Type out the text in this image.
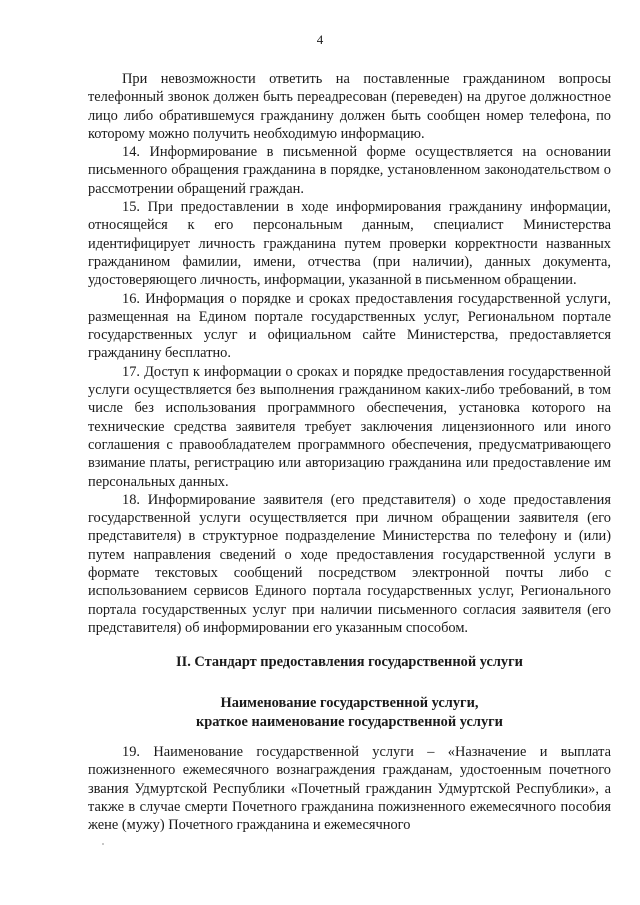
4

При невозможности ответить на поставленные гражданином вопросы телефонный звонок должен быть переадресован (переведен) на другое должностное лицо либо обратившемуся гражданину должен быть сообщен номер телефона, по которому можно получить необходимую информацию.

14. Информирование в письменной форме осуществляется на основании письменного обращения гражданина в порядке, установленном законодательством о рассмотрении обращений граждан.

15. При предоставлении в ходе информирования гражданину информации, относящейся к его персональным данным, специалист Министерства идентифицирует личность гражданина путем проверки корректности названных гражданином фамилии, имени, отчества (при наличии), данных документа, удостоверяющего личность, информации, указанной в письменном обращении.

16. Информация о порядке и сроках предоставления государственной услуги, размещенная на Едином портале государственных услуг, Региональном портале государственных услуг и официальном сайте Министерства, предоставляется гражданину бесплатно.

17. Доступ к информации о сроках и порядке предоставления государственной услуги осуществляется без выполнения гражданином каких-либо требований, в том числе без использования программного обеспечения, установка которого на технические средства заявителя требует заключения лицензионного или иного соглашения с правообладателем программного обеспечения, предусматривающего взимание платы, регистрацию или авторизацию гражданина или предоставление им персональных данных.

18. Информирование заявителя (его представителя) о ходе предоставления государственной услуги осуществляется при личном обращении заявителя (его представителя) в структурное подразделение Министерства по телефону и (или) путем направления сведений о ходе предоставления государственной услуги в формате текстовых сообщений посредством электронной почты либо с использованием сервисов Единого портала государственных услуг, Регионального портала государственных услуг при наличии письменного согласия заявителя (его представителя) об информировании его указанным способом.

II. Стандарт предоставления государственной услуги
Наименование государственной услуги,
краткое наименование государственной услуги

19. Наименование государственной услуги – «Назначение и выплата пожизненного ежемесячного вознаграждения гражданам, удостоенным почетного звания Удмуртской Республики «Почетный гражданин Удмуртской Республики», а также в случае смерти Почетного гражданина пожизненного ежемесячного пособия жене (мужу) Почетного гражданина и ежемесячного
